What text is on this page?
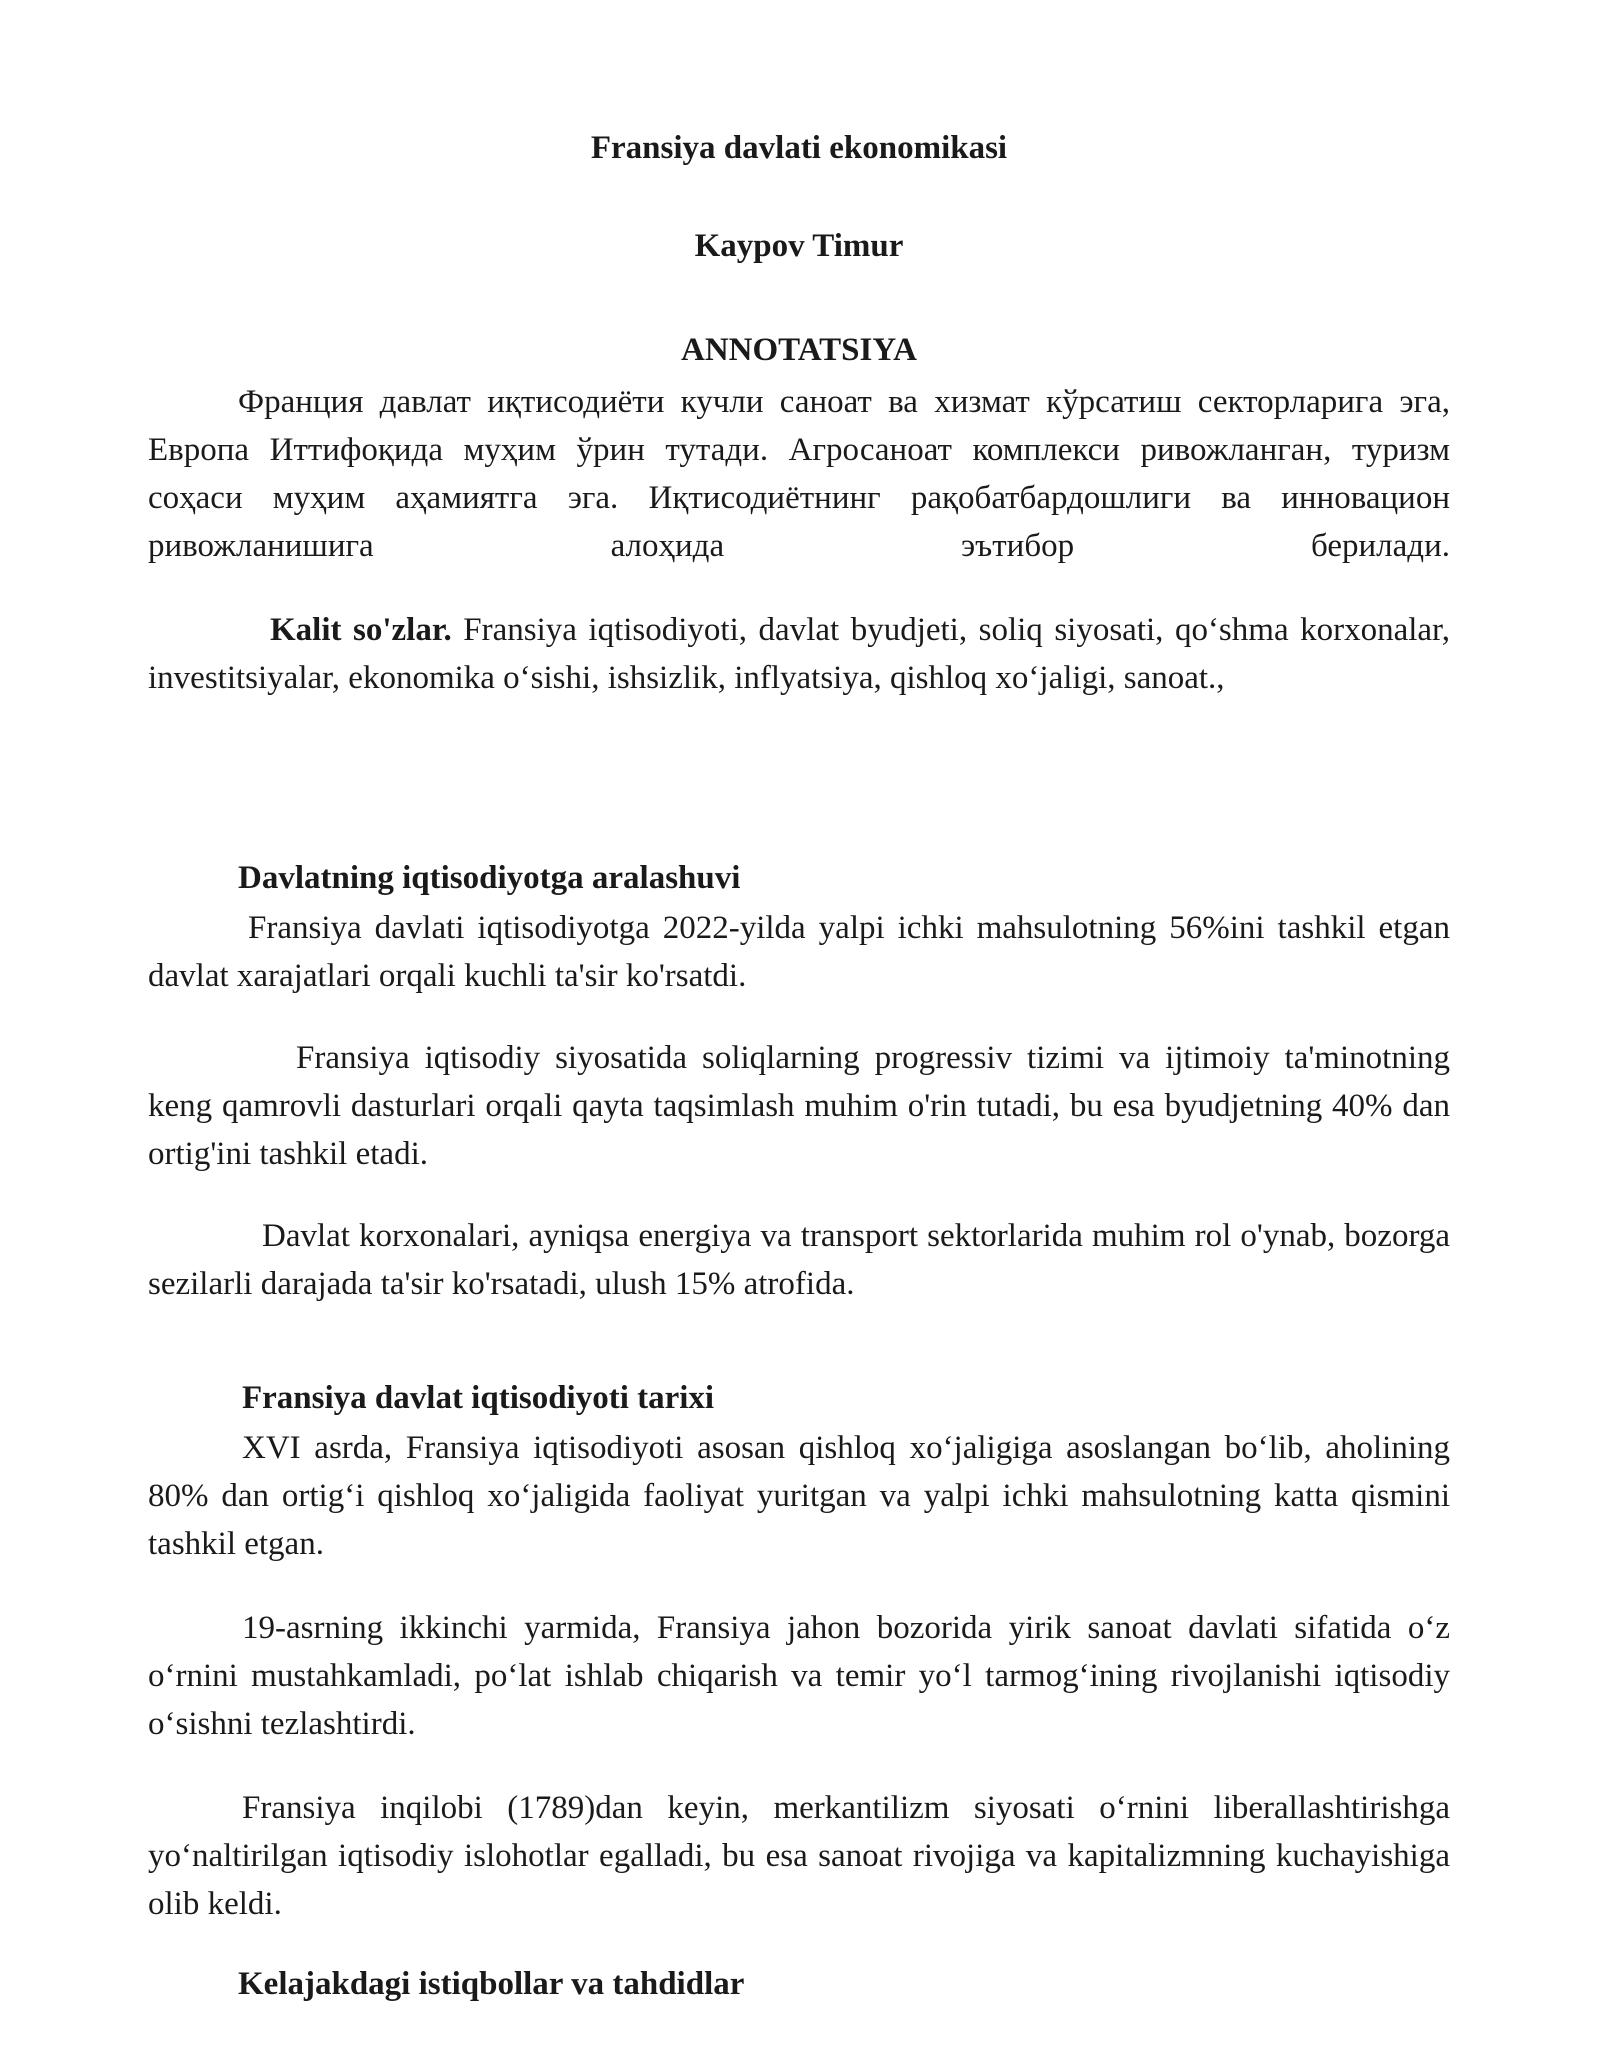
Fransiya davlati ekonomikasi
Kaypov Timur
ANNOTATSIYA

Франция давлат иқтисодиёти кучли саноат ва хизмат кўрсатиш секторларига эга, Европа Иттифоқида муҳим ўрин тутади. Агросаноат комплекси ривожланган, туризм соҳаси муҳим аҳамиятга эга. Иқтисодиётнинг рақобатбардошлиги ва инновацион ривожланишига алоҳида эътибор берилади.

Kalit so'zlar. Fransiya iqtisodiyoti, davlat byudjeti, soliq siyosati, qo‘shma korxonalar, investitsiyalar, ekonomika o‘sishi, ishsizlik, inflyatsiya, qishloq xo‘jaligi, sanoat.,

Davlatning iqtisodiyotga aralashuvi

Fransiya davlati iqtisodiyotga 2022-yilda yalpi ichki mahsulotning 56%ini tashkil etgan davlat xarajatlari orqali kuchli ta'sir ko'rsatdi.

Fransiya iqtisodiy siyosatida soliqlarning progressiv tizimi va ijtimoiy ta'minotning keng qamrovli dasturlari orqali qayta taqsimlash muhim o'rin tutadi, bu esa byudjetning 40% dan ortig'ini tashkil etadi.

Davlat korxonalari, ayniqsa energiya va transport sektorlarida muhim rol o'ynab, bozorga sezilarli darajada ta'sir ko'rsatadi, ulush 15% atrofida.

Fransiya davlat iqtisodiyoti tarixi

XVI asrda, Fransiya iqtisodiyoti asosan qishloq xo‘jaligiga asoslangan bo‘lib, aholining 80% dan ortig‘i qishloq xo‘jaligida faoliyat yuritgan va yalpi ichki mahsulotning katta qismini tashkil etgan.

19-asrning ikkinchi yarmida, Fransiya jahon bozorida yirik sanoat davlati sifatida o‘z o‘rnini mustahkamladi, po‘lat ishlab chiqarish va temir yo‘l tarmog‘ining rivojlanishi iqtisodiy o‘sishni tezlashtirdi.

Fransiya inqilobi (1789)dan keyin, merkantilizm siyosati o‘rnini liberallashtirishga yo‘naltirilgan iqtisodiy islohotlar egalladi, bu esa sanoat rivojiga va kapitalizmning kuchayishiga olib keldi.

Kelajakdagi istiqbollar va tahdidlar
